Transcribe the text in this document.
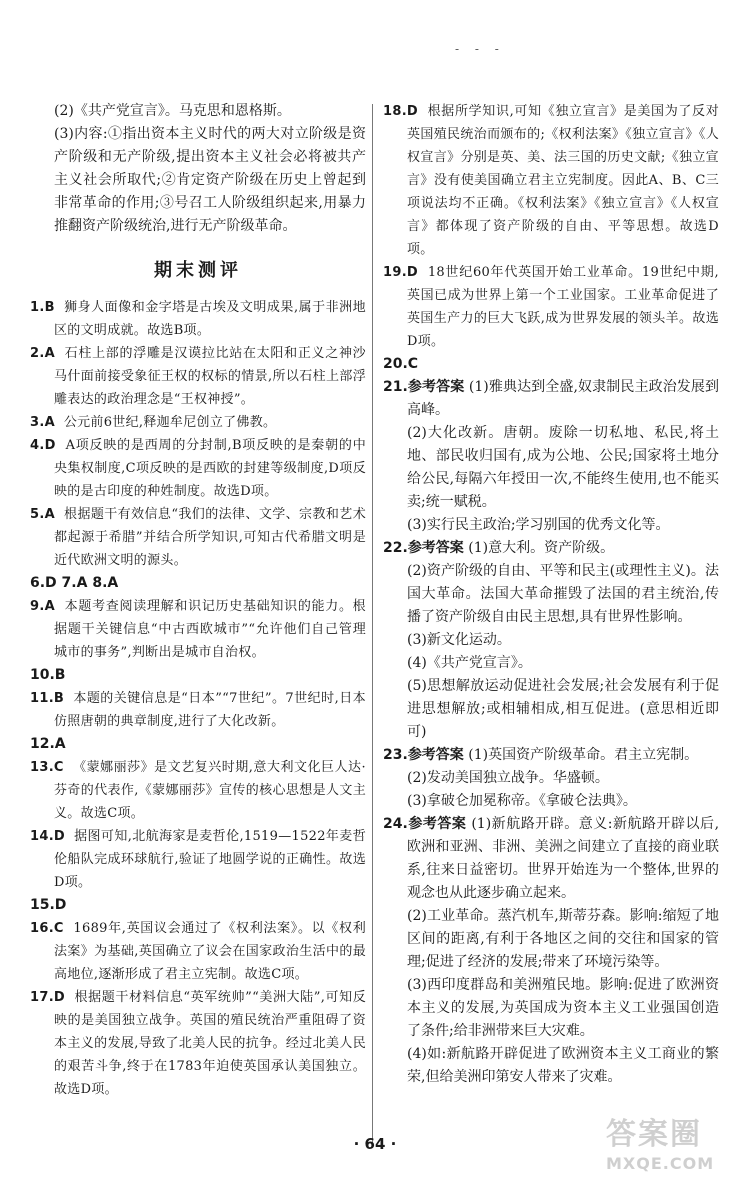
- - -

(2)《共产党宣言》。马克思和恩格斯。

(3)内容:①指出资本主义时代的两大对立阶级是资产阶级和无产阶级,提出资本主义社会必将被共产主义社会所取代;②肯定资产阶级在历史上曾起到非常革命的作用;③号召工人阶级组织起来,用暴力推翻资产阶级统治,进行无产阶级革命。

期末测评

1.B 狮身人面像和金字塔是古埃及文明成果,属于非洲地区的文明成就。故选B项。

2.A 石柱上部的浮雕是汉谟拉比站在太阳和正义之神沙马什面前接受象征王权的权标的情景,所以石柱上部浮雕表达的政治理念是“王权神授”。

3.A 公元前6世纪,释迦牟尼创立了佛教。

4.D A项反映的是西周的分封制,B项反映的是秦朝的中央集权制度,C项反映的是西欧的封建等级制度,D项反映的是古印度的种姓制度。故选D项。

5.A 根据题干有效信息“我们的法律、文学、宗教和艺术都起源于希腊”并结合所学知识,可知古代希腊文明是近代欧洲文明的源头。

6.D 7.A 8.A

9.A 本题考查阅读理解和识记历史基础知识的能力。根据题干关键信息“中古西欧城市”“允许他们自己管理城市的事务”,判断出是城市自治权。

10.B

11.B 本题的关键信息是“日本”“7世纪”。7世纪时,日本仿照唐朝的典章制度,进行了大化改新。

12.A

13.C 《蒙娜丽莎》是文艺复兴时期,意大利文化巨人达·芬奇的代表作,《蒙娜丽莎》宣传的核心思想是人文主义。故选C项。

14.D 据图可知,北航海家是麦哲伦,1519—1522年麦哲伦船队完成环球航行,验证了地圆学说的正确性。故选D项。

15.D

16.C 1689年,英国议会通过了《权利法案》。以《权利法案》为基础,英国确立了议会在国家政治生活中的最高地位,逐渐形成了君主立宪制。故选C项。

17.D 根据题干材料信息“英军统帅”“美洲大陆”,可知反映的是美国独立战争。英国的殖民统治严重阻碍了资本主义的发展,导致了北美人民的抗争。经过北美人民的艰苦斗争,终于在1783年迫使英国承认美国独立。故选D项。

18.D 根据所学知识,可知《独立宣言》是美国为了反对英国殖民统治而颁布的;《权利法案》《独立宣言》《人权宣言》分别是英、美、法三国的历史文献;《独立宣言》没有使美国确立君主立宪制度。因此A、B、C三项说法均不正确。《权利法案》《独立宣言》《人权宣言》都体现了资产阶级的自由、平等思想。故选D项。

19.D 18世纪60年代英国开始工业革命。19世纪中期,英国已成为世界上第一个工业国家。工业革命促进了英国生产力的巨大飞跃,成为世界发展的领头羊。故选D项。

20.C

21.参考答案 (1)雅典达到全盛,奴隶制民主政治发展到高峰。

(2)大化改新。唐朝。废除一切私地、私民,将土地、部民收归国有,成为公地、公民;国家将土地分给公民,每隔六年授田一次,不能终生使用,也不能买卖;统一赋税。

(3)实行民主政治;学习别国的优秀文化等。

22.参考答案 (1)意大利。资产阶级。

(2)资产阶级的自由、平等和民主(或理性主义)。法国大革命。法国大革命摧毁了法国的君主统治,传播了资产阶级自由民主思想,具有世界性影响。

(3)新文化运动。

(4)《共产党宣言》。

(5)思想解放运动促进社会发展;社会发展有利于促进思想解放;或相辅相成,相互促进。(意思相近即可)

23.参考答案 (1)英国资产阶级革命。君主立宪制。

(2)发动美国独立战争。华盛顿。

(3)拿破仑加冕称帝。《拿破仑法典》。

24.参考答案 (1)新航路开辟。意义:新航路开辟以后,欧洲和亚洲、非洲、美洲之间建立了直接的商业联系,往来日益密切。世界开始连为一个整体,世界的观念也从此逐步确立起来。

(2)工业革命。蒸汽机车,斯蒂芬森。影响:缩短了地区间的距离,有利于各地区之间的交往和国家的管理;促进了经济的发展;带来了环境污染等。

(3)西印度群岛和美洲殖民地。影响:促进了欧洲资本主义的发展,为英国成为资本主义工业强国创造了条件;给非洲带来巨大灾难。

(4)如:新航路开辟促进了欧洲资本主义工商业的繁荣,但给美洲印第安人带来了灾难。

· 64 ·	答案圈
MXQE.COM
